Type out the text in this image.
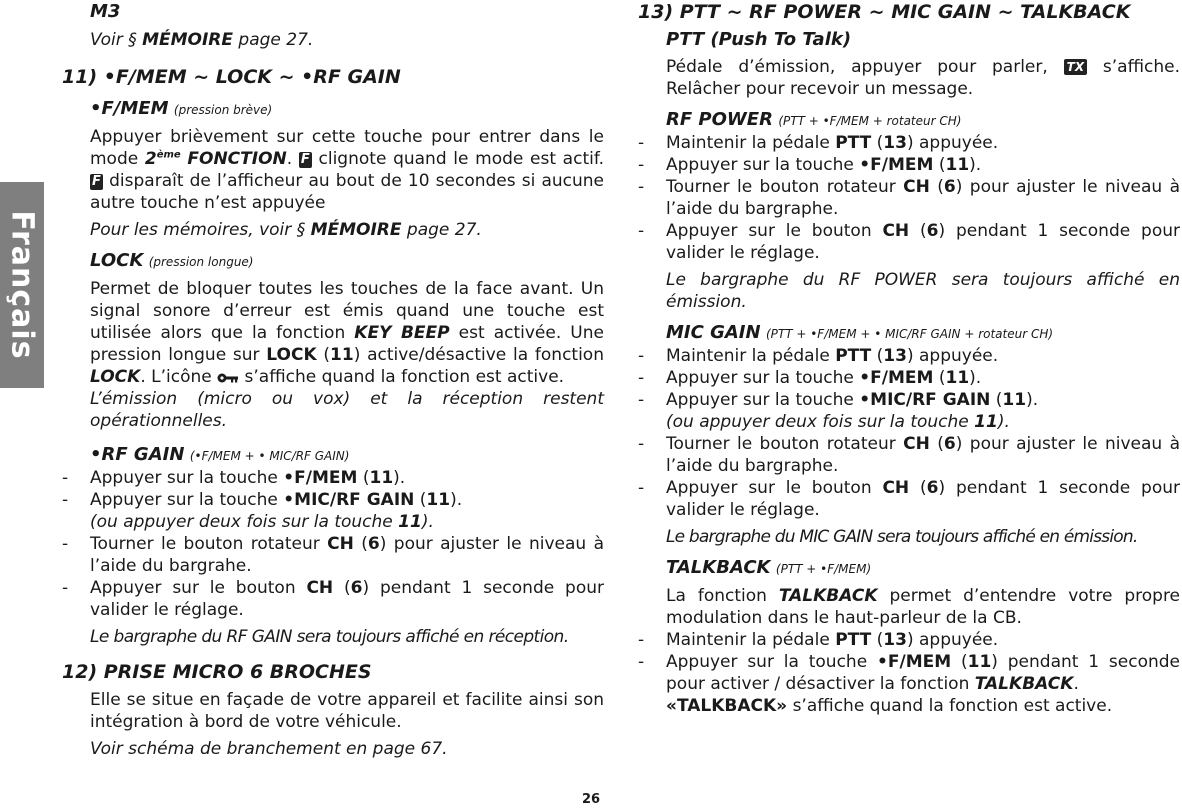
Français
M3

Voir § MÉMOIRE page 27.

11) •F/MEM ~ LOCK ~ •RF GAIN
•F/MEM (pression brève)

Appuyer brièvement sur cette touche pour entrer dans le mode 2ème FONCTION. F clignote quand le mode est actif. F disparaît de l’afficheur au bout de 10 secondes si aucune autre touche n’est appuyée

Pour les mémoires, voir § MÉMOIRE page 27.

LOCK (pression longue)

Permet de bloquer toutes les touches de la face avant. Un signal sonore d’erreur est émis quand une touche est utilisée alors que la fonction KEY BEEP est activée. Une pression longue sur LOCK (11) active/désactive la fonction LOCK. L’icône s’affiche quand la fonction est active.

L’émission (micro ou vox) et la réception restent opérationnelles.

•RF GAIN (•F/MEM + • MIC/RF GAIN)
- Appuyer sur la touche •F/MEM (11).
- Appuyer sur la touche •MIC/RF GAIN (11).
(ou appuyer deux fois sur la touche 11).
- Tourner le bouton rotateur CH (6) pour ajuster le niveau à l’aide du bargrahe.
- Appuyer sur le bouton CH (6) pendant 1 seconde pour valider le réglage.

Le bargraphe du RF GAIN sera toujours affiché en réception.

12) PRISE MICRO 6 BROCHES

Elle se situe en façade de votre appareil et facilite ainsi son intégration à bord de votre véhicule.

Voir schéma de branchement en page 67.

13) PTT ~ RF POWER ~ MIC GAIN ~ TALKBACK
PTT (Push To Talk)

Pédale d’émission, appuyer pour parler, TX s’affiche. Relâcher pour recevoir un message.

RF POWER (PTT + •F/MEM + rotateur CH)
- Maintenir la pédale PTT (13) appuyée.
- Appuyer sur la touche •F/MEM (11).
- Tourner le bouton rotateur CH (6) pour ajuster le niveau à l’aide du bargraphe.
- Appuyer sur le bouton CH (6) pendant 1 seconde pour valider le réglage.

Le bargraphe du RF POWER sera toujours affiché en émission.

MIC GAIN (PTT + •F/MEM + • MIC/RF GAIN + rotateur CH)
- Maintenir la pédale PTT (13) appuyée.
- Appuyer sur la touche •F/MEM (11).
- Appuyer sur la touche •MIC/RF GAIN (11).
(ou appuyer deux fois sur la touche 11).
- Tourner le bouton rotateur CH (6) pour ajuster le niveau à l’aide du bargraphe.
- Appuyer sur le bouton CH (6) pendant 1 seconde pour valider le réglage.

Le bargraphe du MIC GAIN sera toujours affiché en émission.

TALKBACK (PTT + •F/MEM)

La fonction TALKBACK permet d’entendre votre propre modulation dans le haut-parleur de la CB.

- Maintenir la pédale PTT (13) appuyée.
- Appuyer sur la touche •F/MEM (11) pendant 1 seconde pour activer / désactiver la fonction TALKBACK.
«TALKBACK» s’affiche quand la fonction est active.
26
